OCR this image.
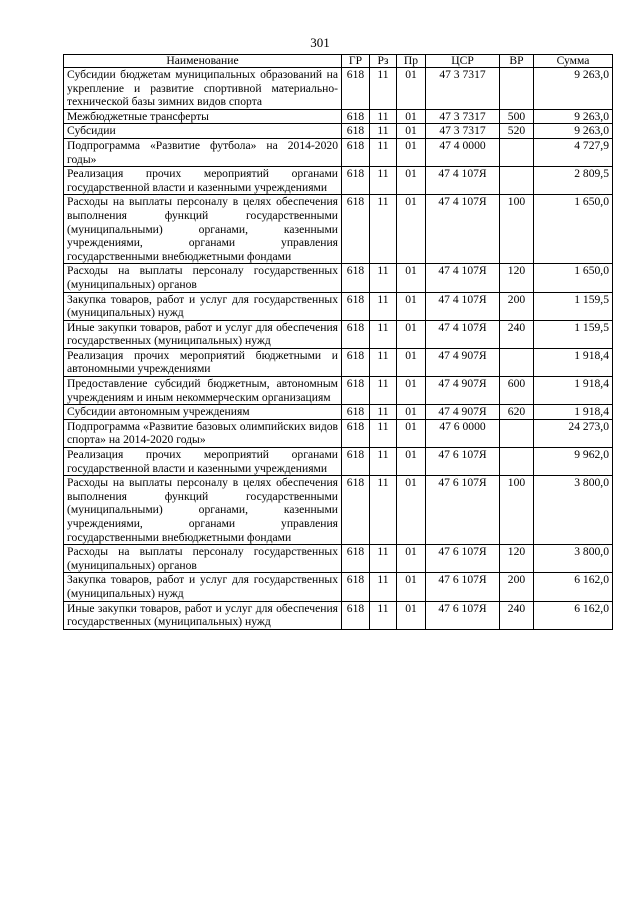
301
Наименование	ГР	Рз	Пр	ЦСР	ВР	Сумма
Субсидии бюджетам муниципальных образований на укрепление и развитие спортивной материально-технической базы зимних видов спорта	618	11	01	47 3 7317		9 263,0
Межбюджетные трансферты	618	11	01	47 3 7317	500	9 263,0
Субсидии	618	11	01	47 3 7317	520	9 263,0
Подпрограмма «Развитие футбола» на 2014-2020 годы»	618	11	01	47 4 0000		4 727,9
Реализация прочих мероприятий органами государственной власти и казенными учреждениями	618	11	01	47 4 107Я		2 809,5
Расходы на выплаты персоналу в целях обеспечения выполнения функций государственными (муниципальными) органами, казенными учреждениями, органами управления государственными внебюджетными фондами	618	11	01	47 4 107Я	100	1 650,0
Расходы на выплаты персоналу государственных (муниципальных) органов	618	11	01	47 4 107Я	120	1 650,0
Закупка товаров, работ и услуг для государственных (муниципальных) нужд	618	11	01	47 4 107Я	200	1 159,5
Иные закупки товаров, работ и услуг для обеспечения государственных (муниципальных) нужд	618	11	01	47 4 107Я	240	1 159,5
Реализация прочих мероприятий бюджетными и автономными учреждениями	618	11	01	47 4 907Я		1 918,4
Предоставление субсидий бюджетным, автономным учреждениям и иным некоммерческим организациям	618	11	01	47 4 907Я	600	1 918,4
Субсидии автономным учреждениям	618	11	01	47 4 907Я	620	1 918,4
Подпрограмма «Развитие базовых олимпийских видов спорта» на 2014-2020 годы»	618	11	01	47 6 0000		24 273,0
Реализация прочих мероприятий органами государственной власти и казенными учреждениями	618	11	01	47 6 107Я		9 962,0
Расходы на выплаты персоналу в целях обеспечения выполнения функций государственными (муниципальными) органами, казенными учреждениями, органами управления государственными внебюджетными фондами	618	11	01	47 6 107Я	100	3 800,0
Расходы на выплаты персоналу государственных (муниципальных) органов	618	11	01	47 6 107Я	120	3 800,0
Закупка товаров, работ и услуг для государственных (муниципальных) нужд	618	11	01	47 6 107Я	200	6 162,0
Иные закупки товаров, работ и услуг для обеспечения государственных (муниципальных) нужд	618	11	01	47 6 107Я	240	6 162,0
